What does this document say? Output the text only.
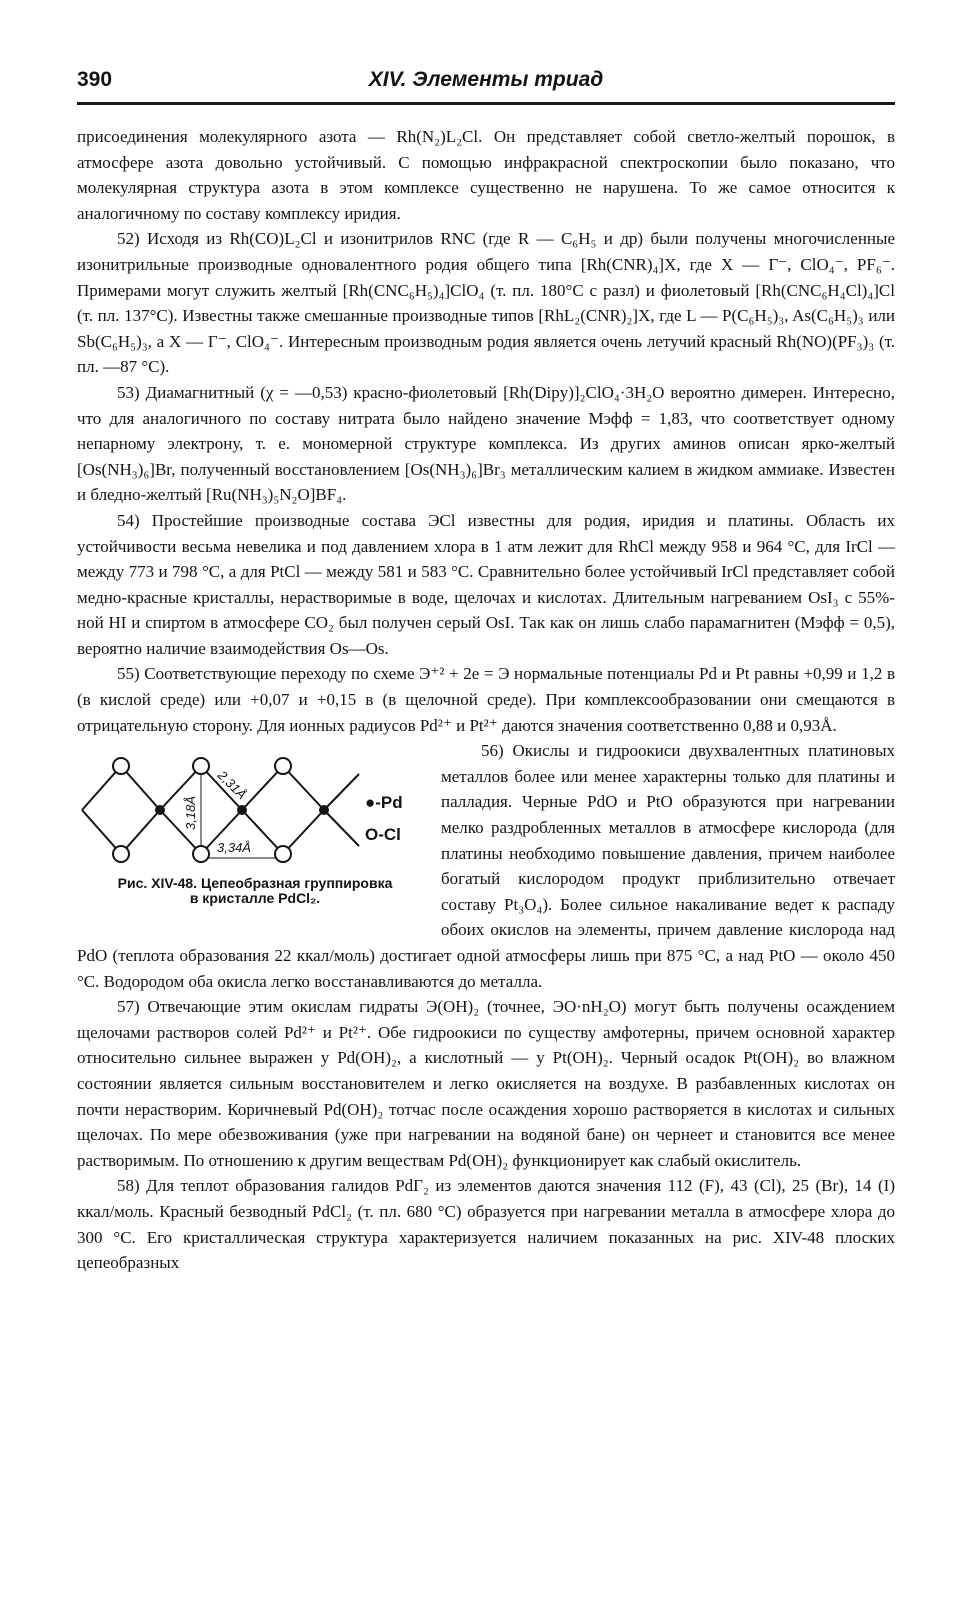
390	XIV. Элементы триад

присоединения молекулярного азота — Rh(N₂)L₂Cl. Он представляет собой светло-желтый порошок, в атмосфере азота довольно устойчивый. С помощью инфракрасной спектроскопии было показано, что молекулярная структура азота в этом комплексе существенно не нарушена. То же самое относится к аналогичному по составу комплексу иридия.

52) Исходя из Rh(CO)L₂Cl и изонитрилов RNC (где R — C₆H₅ и др) были получены многочисленные изонитрильные производные одновалентного родия общего типа [Rh(CNR)₄]X, где X — Г⁻, ClO₄⁻, PF₆⁻. Примерами могут служить желтый [Rh(CNC₆H₅)₄]ClO₄ (т. пл. 180°C с разл) и фиолетовый [Rh(CNC₆H₄Cl)₄]Cl (т. пл. 137°C). Известны также смешанные производные типов [RhL₂(CNR)₂]X, где L — P(C₆H₅)₃, As(C₆H₅)₃ или Sb(C₆H₅)₃, а X — Г⁻, ClO₄⁻. Интересным производным родия является очень летучий красный Rh(NO)(PF₃)₃ (т. пл. —87 °C).

53) Диамагнитный (χ = —0,53) красно-фиолетовый [Rh(Dipy)]₂ClO₄·3H₂O вероятно димерен. Интересно, что для аналогичного по составу нитрата было найдено значение Mэфф = 1,83, что соответствует одному непарному электрону, т. е. мономерной структуре комплекса. Из других аминов описан ярко-желтый [Os(NH₃)₆]Br, полученный восстановлением [Os(NH₃)₆]Br₃ металлическим калием в жидком аммиаке. Известен и бледно-желтый [Ru(NH₃)₅N₂O]BF₄.

54) Простейшие производные состава ЭCl известны для родия, иридия и платины. Область их устойчивости весьма невелика и под давлением хлора в 1 атм лежит для RhCl между 958 и 964 °C, для IrCl — между 773 и 798 °C, а для PtCl — между 581 и 583 °C. Сравнительно более устойчивый IrCl представляет собой медно-красные кристаллы, нерастворимые в воде, щелочах и кислотах. Длительным нагреванием OsI₃ с 55%-ной HI и спиртом в атмосфере CO₂ был получен серый OsI. Так как он лишь слабо парамагнитен (Mэфф = 0,5), вероятно наличие взаимодействия Os—Os.

55) Соответствующие переходу по схеме Э⁺² + 2e = Э нормальные потенциалы Pd и Pt равны +0,99 и 1,2 в (в кислой среде) или +0,07 и +0,15 в (в щелочной среде). При комплексообразовании они смещаются в отрицательную сторону. Для ионных радиусов Pd²⁺ и Pt²⁺ даются значения соответственно 0,88 и 0,93Å.

2,31Å
3,18Å
3,34Å
●-Pd
O-Cl
Рис. XIV-48. Цепеобразная группировка
в кристалле PdCl₂.

56) Окислы и гидроокиси двухвалентных платиновых металлов более или менее характерны только для платины и палладия. Черные PdO и PtO образуются при нагревании мелко раздробленных металлов в атмосфере кислорода (для платины необходимо повышение давления, причем наиболее богатый кислородом продукт приблизительно отвечает составу Pt₃O₄). Более сильное накаливание ведет к распаду обоих окислов на элементы, причем давление кислорода над PdO (теплота образования 22 ккал/моль) достигает одной атмосферы лишь при 875 °C, а над PtO — около 450 °C. Водородом оба окисла легко восстанавливаются до металла.

57) Отвечающие этим окислам гидраты Э(OH)₂ (точнее, ЭO·nH₂O) могут быть получены осаждением щелочами растворов солей Pd²⁺ и Pt²⁺. Обе гидроокиси по существу амфотерны, причем основной характер относительно сильнее выражен у Pd(OH)₂, а кислотный — у Pt(OH)₂. Черный осадок Pt(OH)₂ во влажном состоянии является сильным восстановителем и легко окисляется на воздухе. В разбавленных кислотах он почти нерастворим. Коричневый Pd(OH)₂ тотчас после осаждения хорошо растворяется в кислотах и сильных щелочах. По мере обезвоживания (уже при нагревании на водяной бане) он чернеет и становится все менее растворимым. По отношению к другим веществам Pd(OH)₂ функционирует как слабый окислитель.

58) Для теплот образования галидов PdГ₂ из элементов даются значения 112 (F), 43 (Cl), 25 (Br), 14 (I) ккал/моль. Красный безводный PdCl₂ (т. пл. 680 °C) образуется при нагревании металла в атмосфере хлора до 300 °C. Его кристаллическая структура характеризуется наличием показанных на рис. XIV-48 плоских цепеобразных
